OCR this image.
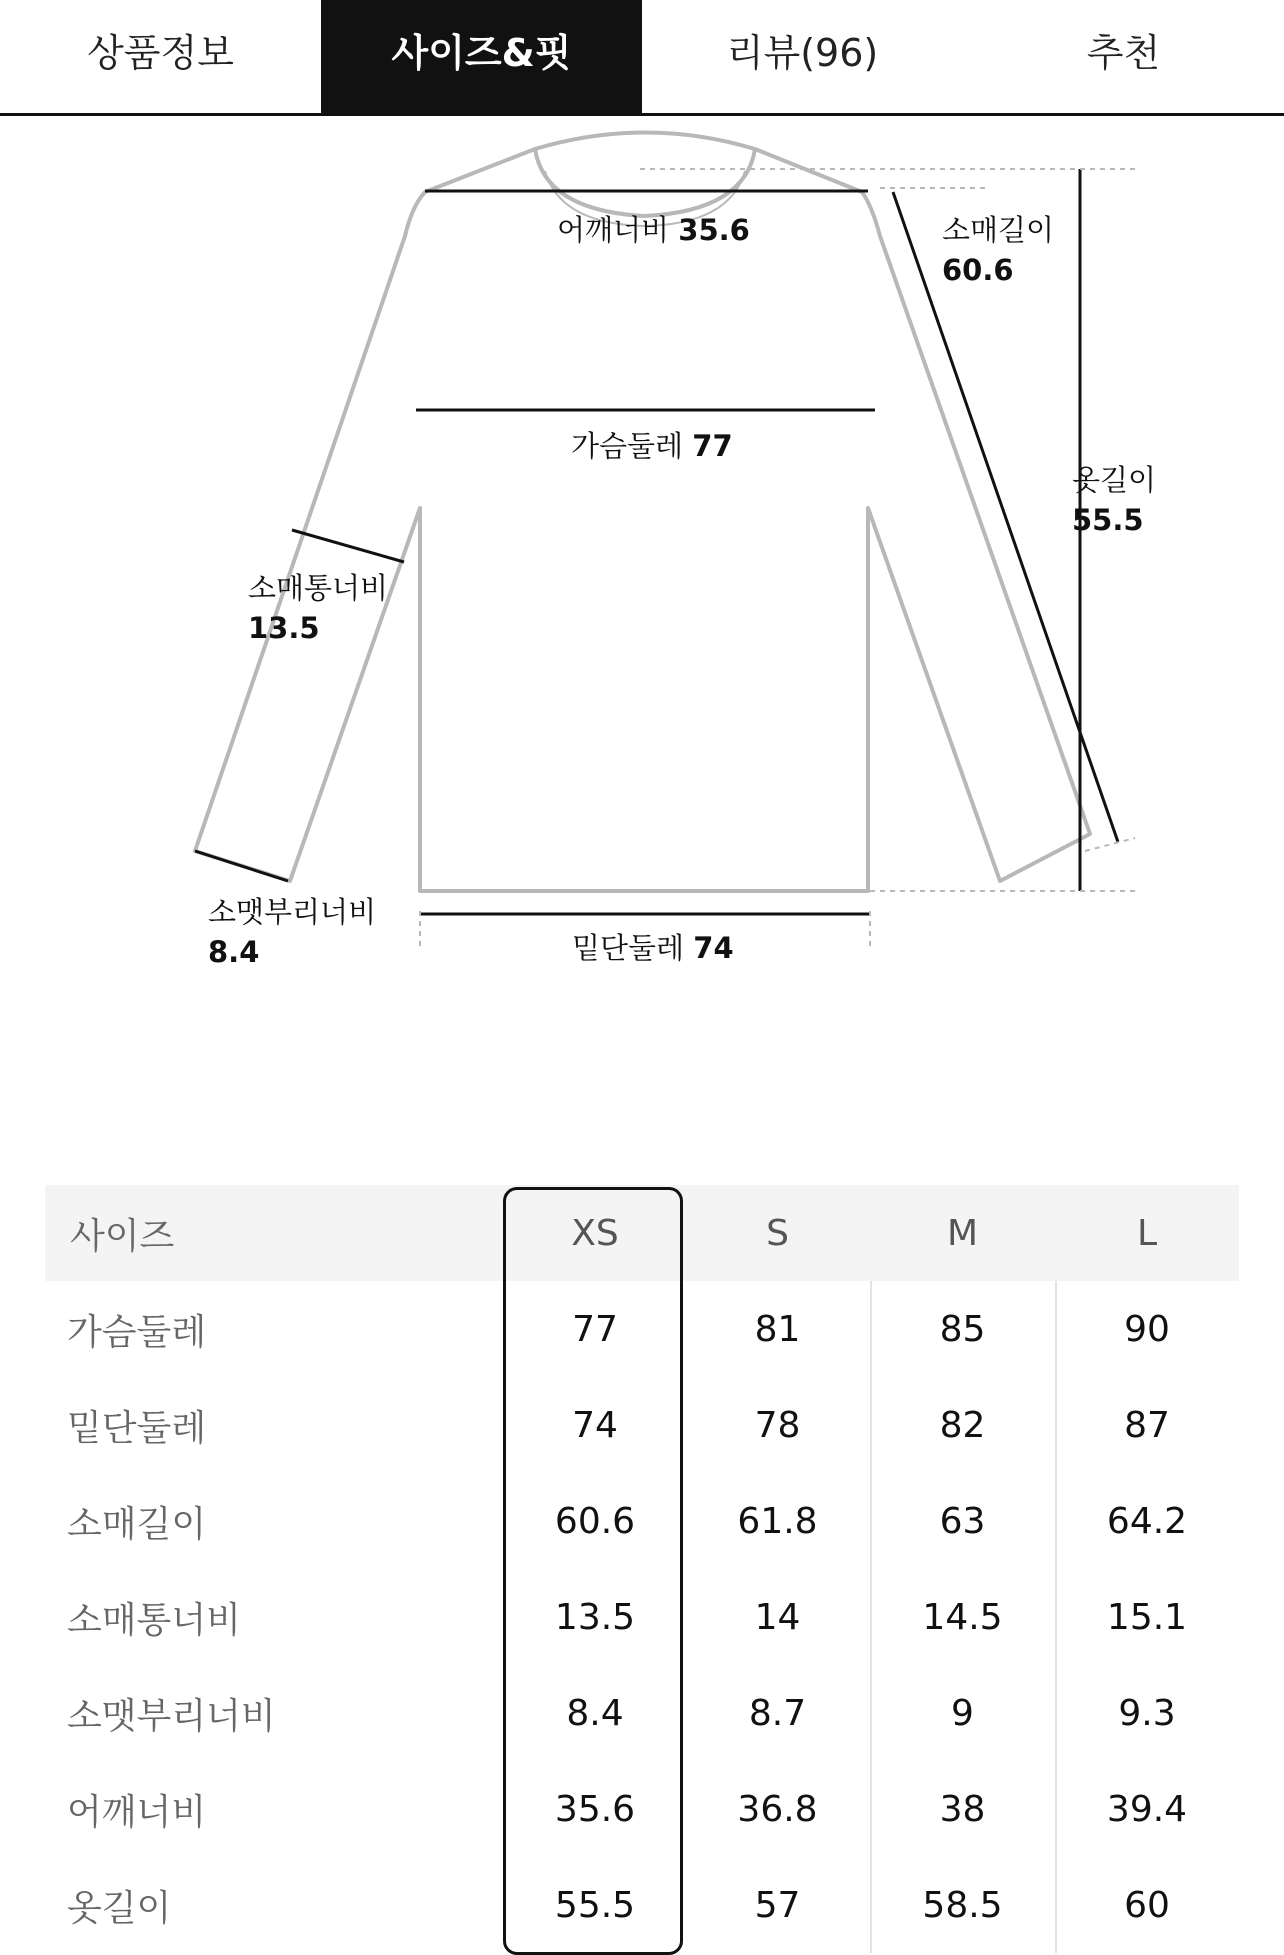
상품정보	사이즈&핏	리뷰(96)	추천
어깨너비 35.6	소매길이
60.6
가슴둘레 77
옷길이
55.5
소매통너비
13.5
소맷부리너비
8.4	밑단둘레 74
사이즈	XS	S	M	L
가슴둘레	77	81	85	90
밑단둘레	74	78	82	87
소매길이	60.6	61.8	63	64.2
소매통너비	13.5	14	14.5	15.1
소맷부리너비	8.4	8.7	9	9.3
어깨너비	35.6	36.8	38	39.4
옷길이	55.5	57	58.5	60
